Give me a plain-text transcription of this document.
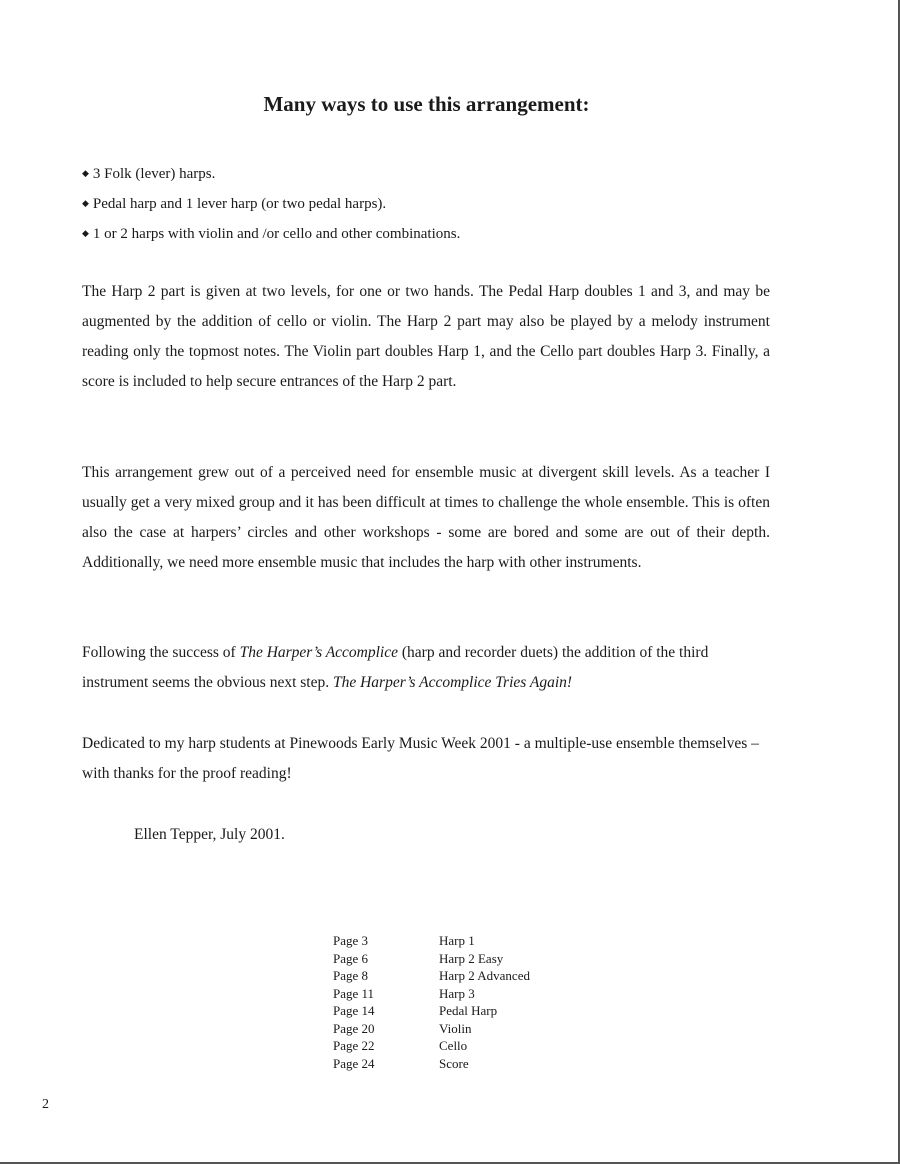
Many ways to use this arrangement:
◆ 3 Folk (lever) harps.
◆ Pedal harp and 1 lever harp (or two pedal harps).
◆ 1 or 2 harps with violin and /or cello and other combinations.

The Harp 2 part is given at two levels, for one or two hands. The Pedal Harp doubles 1 and 3, and may be augmented by the addition of cello or violin. The Harp 2 part may also be played by a melody instrument reading only the topmost notes. The Violin part doubles Harp 1, and the Cello part doubles Harp 3. Finally, a score is included to help secure entrances of the Harp 2 part.

This arrangement grew out of a perceived need for ensemble music at divergent skill levels. As a teacher I usually get a very mixed group and it has been difficult at times to challenge the whole ensemble. This is often also the case at harpers’ circles and other workshops - some are bored and some are out of their depth. Additionally, we need more ensemble music that includes the harp with other instruments.

Following the success of The Harper’s Accomplice (harp and recorder duets) the addition of the third instrument seems the obvious next step. The Harper’s Accomplice Tries Again!

Dedicated to my harp students at Pinewoods Early Music Week 2001 - a multiple-use ensemble themselves – with thanks for the proof reading!

Ellen Tepper, July 2001.

Page 3	Harp 1
Page 6	Harp 2 Easy
Page 8	Harp 2 Advanced
Page 11	Harp 3
Page 14	Pedal Harp
Page 20	Violin
Page 22	Cello
Page 24	Score
2
